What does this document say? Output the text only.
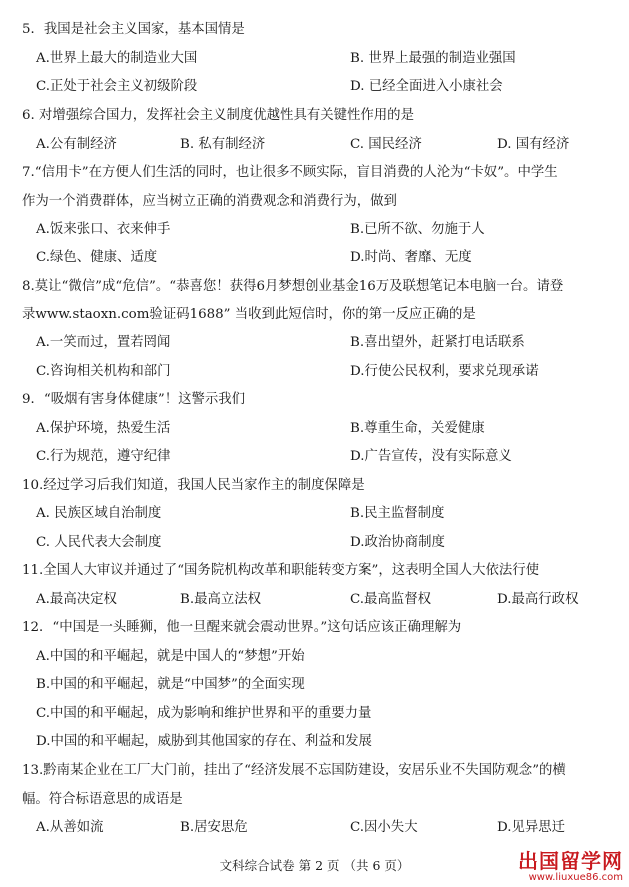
5．我国是社会主义国家，基本国情是
A.世界上最大的制造业大国	B. 世界上最强的制造业强国
C.正处于社会主义初级阶段	D. 已经全面进入小康社会
6. 对增强综合国力，发挥社会主义制度优越性具有关键性作用的是
A.公有制经济	B. 私有制经济	C. 国民经济	D. 国有经济
7.“信用卡”在方便人们生活的同时，也让很多不顾实际，盲目消费的人沦为“卡奴”。中学生
作为一个消费群体，应当树立正确的消费观念和消费行为，做到
A.饭来张口、衣来伸手	B.已所不欲、勿施于人
C.绿色、健康、适度	D.时尚、奢靡、无度
8.莫让“微信”成“危信”。“恭喜您！获得6月梦想创业基金16万及联想笔记本电脑一台。请登
录www.staoxn.com验证码1688” 当收到此短信时，你的第一反应正确的是
A.一笑而过，置若罔闻	B.喜出望外，赶紧打电话联系
C.咨询相关机构和部门	D.行使公民权利，要求兑现承诺
9．“吸烟有害身体健康”！这警示我们
A.保护环境，热爱生活	B.尊重生命，关爱健康
C.行为规范，遵守纪律	D.广告宣传，没有实际意义
10.经过学习后我们知道，我国人民当家作主的制度保障是
A. 民族区域自治制度	B.民主监督制度
C. 人民代表大会制度	D.政治协商制度
11.全国人大审议并通过了“国务院机构改革和职能转变方案”，这表明全国人大依法行使
A.最高决定权	B.最高立法权	C.最高监督权	D.最高行政权
12．“中国是一头睡狮，他一旦醒来就会震动世界。”这句话应该正确理解为
A.中国的和平崛起，就是中国人的“梦想”开始
B.中国的和平崛起，就是“中国梦”的全面实现
C.中国的和平崛起，成为影响和维护世界和平的重要力量
D.中国的和平崛起，威胁到其他国家的存在、利益和发展
13.黔南某企业在工厂大门前，挂出了“经济发展不忘国防建设，安居乐业不失国防观念”的横
幅。符合标语意思的成语是
A.从善如流	B.居安思危	C.因小失大	D.见异思迁
文科综合试卷 第 2 页 （共 6 页）	出国留学网
www.liuxue86.com
